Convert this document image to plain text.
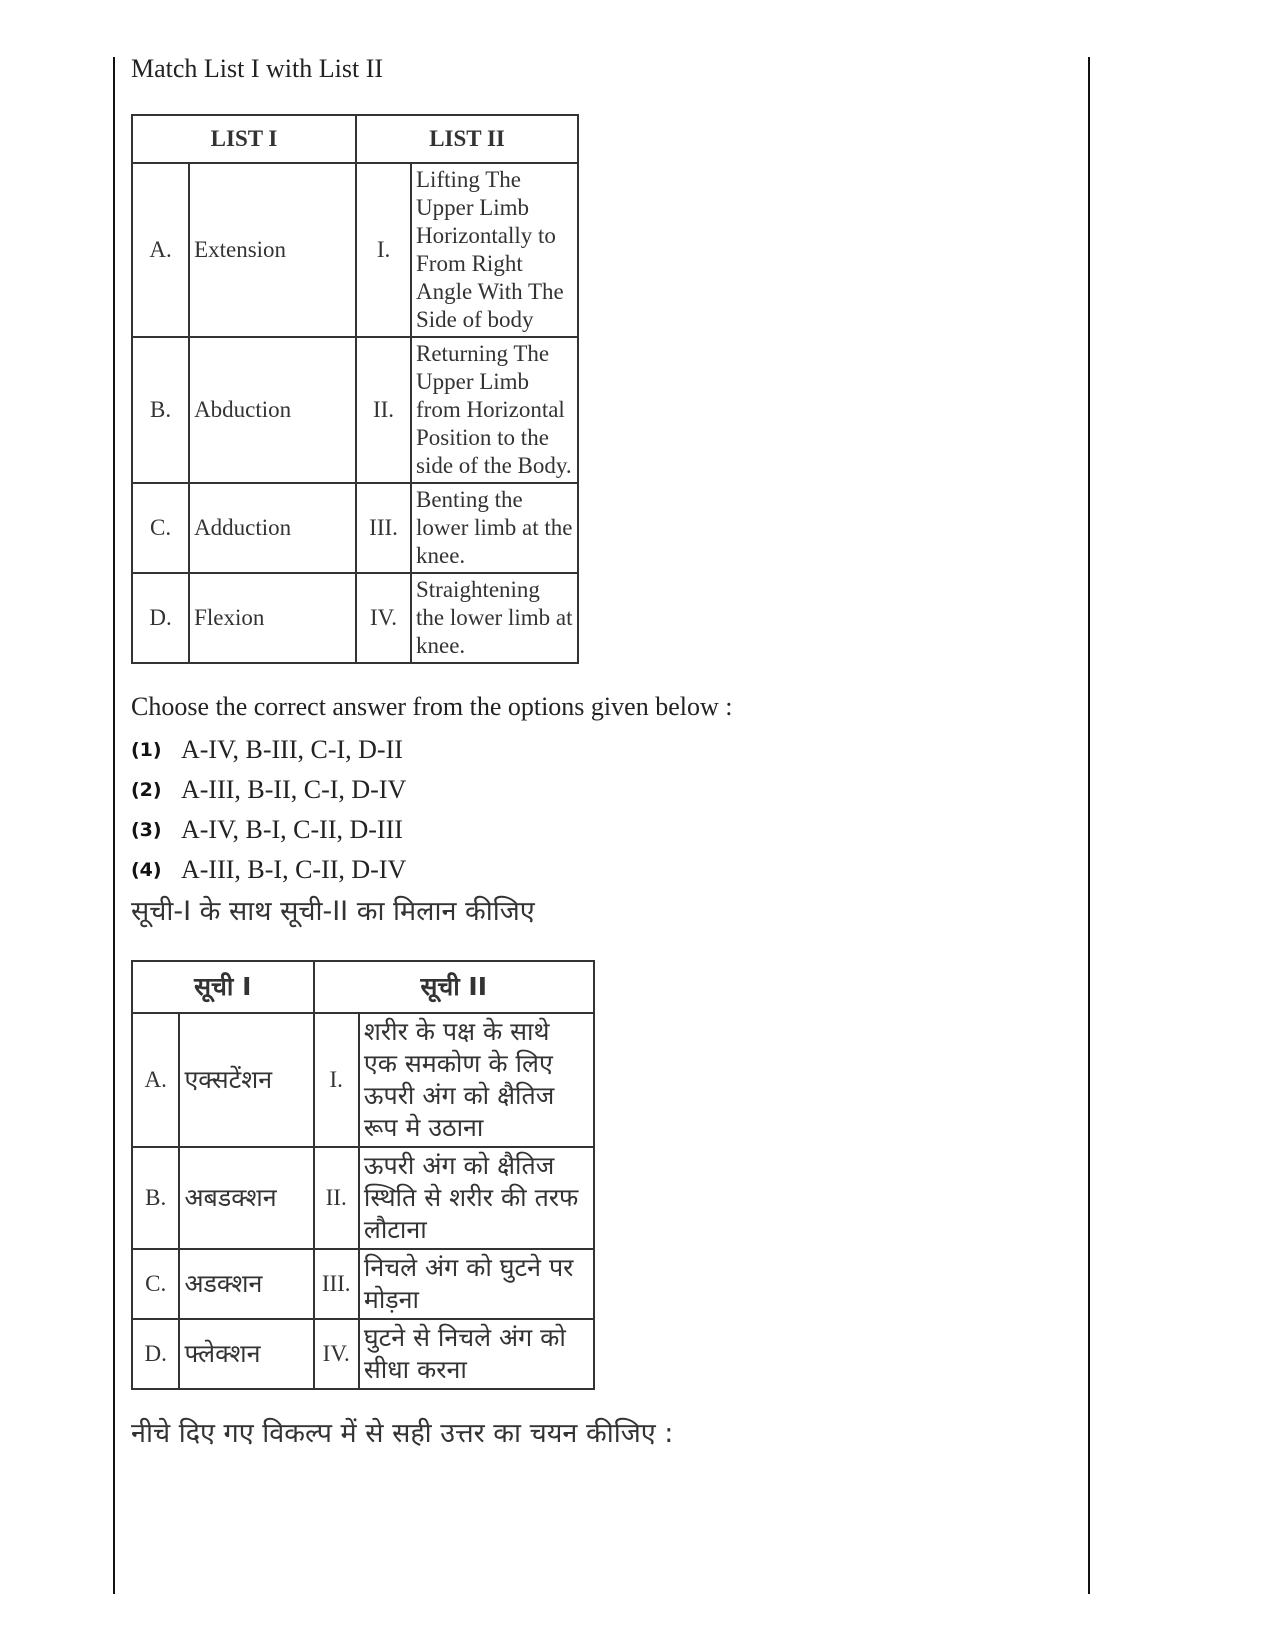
Match List I with List II

LIST I		LIST II	
A.	Extension	I.	Lifting The Upper Limb Horizontally to From Right Angle With The Side of body
B.	Abduction	II.	Returning The Upper Limb from Horizontal Position to the side of the Body.
C.	Adduction	III.	Benting the lower limb at the knee.
D.	Flexion	IV.	Straightening the lower limb at knee.

Choose the correct answer from the options given below :

(1) A-IV, B-III, C-I, D-II
(2) A-III, B-II, C-I, D-IV
(3) A-IV, B-I, C-II, D-III
(4) A-III, B-I, C-II, D-IV

सूची-I के साथ सूची-II का मिलान कीजिए

सूची I		सूची II	
A.	एक्सटेंशन	I.	शरीर के पक्ष के साथे एक समकोण के लिए ऊपरी अंग को क्षैतिज रूप मे उठाना
B.	अबडक्शन	II.	ऊपरी अंग को क्षैतिज स्थिति से शरीर की तरफ लौटाना
C.	अडक्शन	III.	निचले अंग को घुटने पर मोड़ना
D.	फ्लेक्शन	IV.	घुटने से निचले अंग को सीधा करना

नीचे दिए गए विकल्प में से सही उत्तर का चयन कीजिए :
